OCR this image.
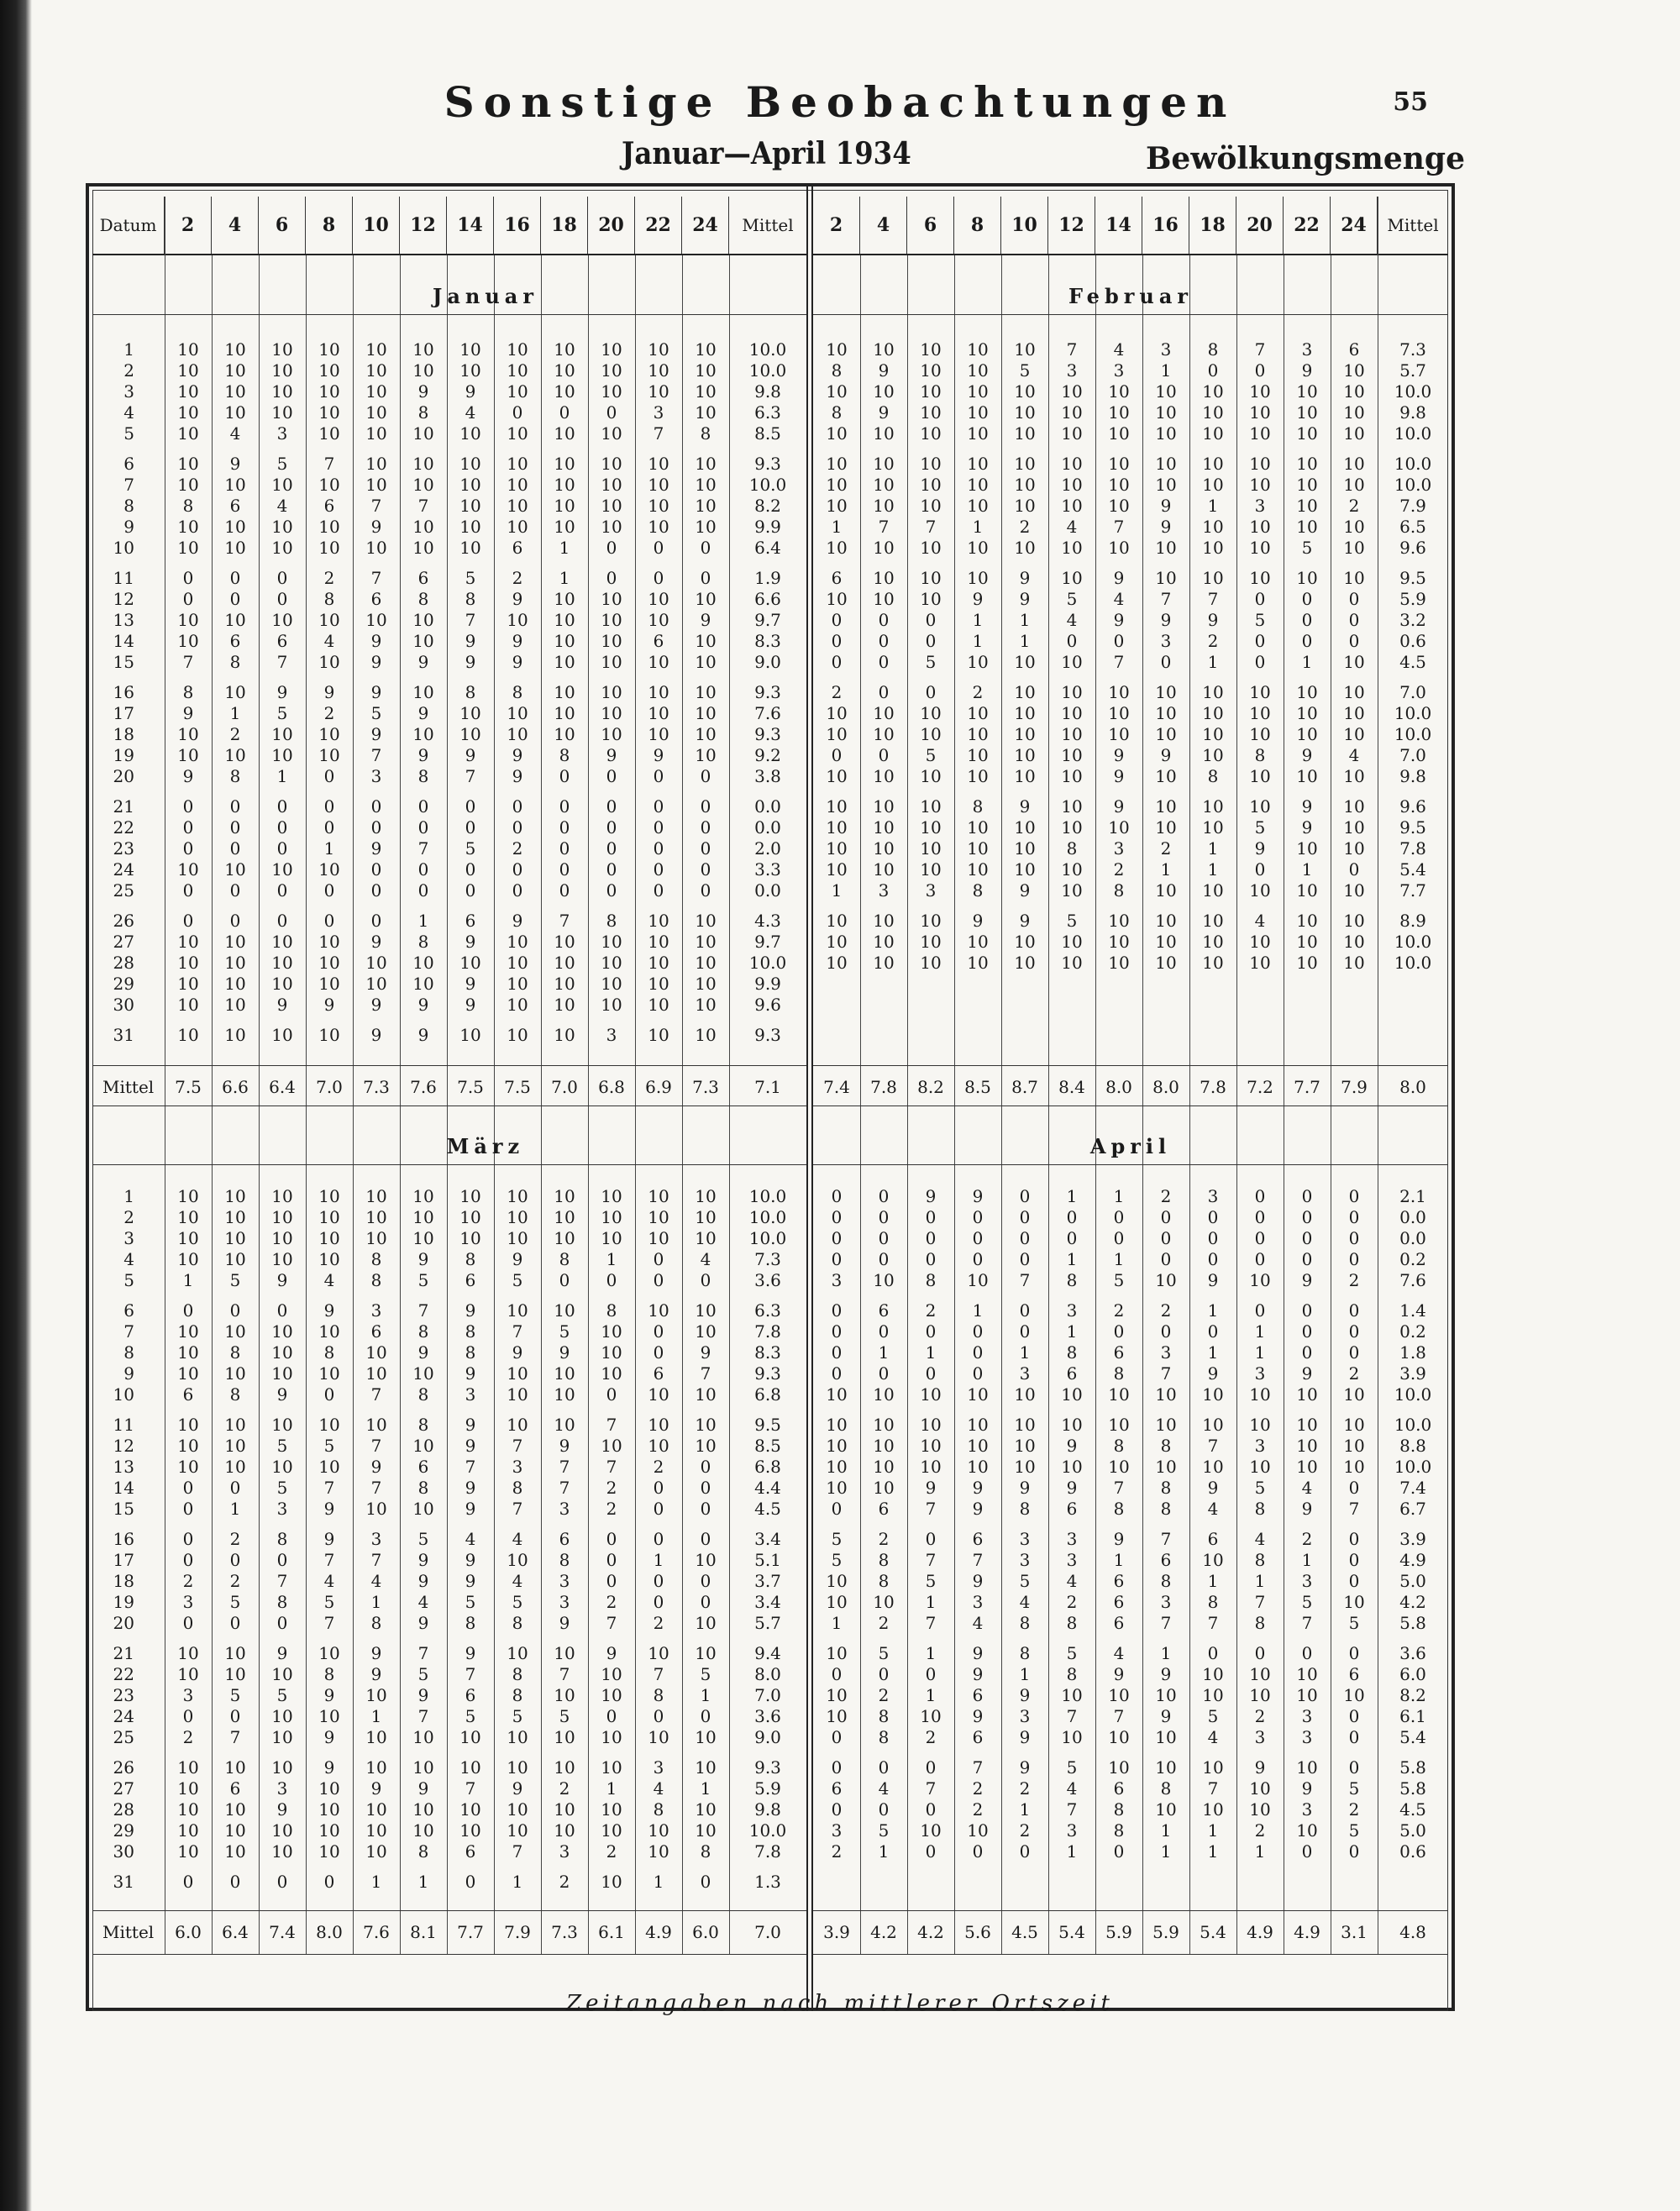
Sonstige Beobachtungen	55
Januar—April 1934	Bewölkungsmenge
Datum	2	4	6	8	10	12	14	16	18	20	22	24	Mittel	2	4	6	8	10	12	14	16	18	20	22	24	Mittel
Januar
1	10	10	10	10	10	10	10	10	10	10	10	10	10.0
2	10	10	10	10	10	10	10	10	10	10	10	10	10.0
3	10	10	10	10	10	9	9	10	10	10	10	10	9.8
4	10	10	10	10	10	8	4	0	0	0	3	10	6.3
5	10	4	3	10	10	10	10	10	10	10	7	8	8.5
6	10	9	5	7	10	10	10	10	10	10	10	10	9.3
7	10	10	10	10	10	10	10	10	10	10	10	10	10.0
8	8	6	4	6	7	7	10	10	10	10	10	10	8.2
9	10	10	10	10	9	10	10	10	10	10	10	10	9.9
10	10	10	10	10	10	10	10	6	1	0	0	0	6.4
11	0	0	0	2	7	6	5	2	1	0	0	0	1.9
12	0	0	0	8	6	8	8	9	10	10	10	10	6.6
13	10	10	10	10	10	10	7	10	10	10	10	9	9.7
14	10	6	6	4	9	10	9	9	10	10	6	10	8.3
15	7	8	7	10	9	9	9	9	10	10	10	10	9.0
16	8	10	9	9	9	10	8	8	10	10	10	10	9.3
17	9	1	5	2	5	9	10	10	10	10	10	10	7.6
18	10	2	10	10	9	10	10	10	10	10	10	10	9.3
19	10	10	10	10	7	9	9	9	8	9	9	10	9.2
20	9	8	1	0	3	8	7	9	0	0	0	0	3.8
21	0	0	0	0	0	0	0	0	0	0	0	0	0.0
22	0	0	0	0	0	0	0	0	0	0	0	0	0.0
23	0	0	0	1	9	7	5	2	0	0	0	0	2.0
24	10	10	10	10	0	0	0	0	0	0	0	0	3.3
25	0	0	0	0	0	0	0	0	0	0	0	0	0.0
26	0	0	0	0	0	1	6	9	7	8	10	10	4.3
27	10	10	10	10	9	8	9	10	10	10	10	10	9.7
28	10	10	10	10	10	10	10	10	10	10	10	10	10.0
29	10	10	10	10	10	10	9	10	10	10	10	10	9.9
30	10	10	9	9	9	9	9	10	10	10	10	10	9.6
31	10	10	10	10	9	9	10	10	10	3	10	10	9.3
Mittel	7.5	6.6	6.4	7.0	7.3	7.6	7.5	7.5	7.0	6.8	6.9	7.3	7.1
Februar
10	10	10	10	10	7	4	3	8	7	3	6	7.3
8	9	10	10	5	3	3	1	0	0	9	10	5.7
10	10	10	10	10	10	10	10	10	10	10	10	10.0
8	9	10	10	10	10	10	10	10	10	10	10	9.8
10	10	10	10	10	10	10	10	10	10	10	10	10.0
10	10	10	10	10	10	10	10	10	10	10	10	10.0
10	10	10	10	10	10	10	10	10	10	10	10	10.0
10	10	10	10	10	10	10	9	1	3	10	2	7.9
1	7	7	1	2	4	7	9	10	10	10	10	6.5
10	10	10	10	10	10	10	10	10	10	5	10	9.6
6	10	10	10	9	10	9	10	10	10	10	10	9.5
10	10	10	9	9	5	4	7	7	0	0	0	5.9
0	0	0	1	1	4	9	9	9	5	0	0	3.2
0	0	0	1	1	0	0	3	2	0	0	0	0.6
0	0	5	10	10	10	7	0	1	0	1	10	4.5
2	0	0	2	10	10	10	10	10	10	10	10	7.0
10	10	10	10	10	10	10	10	10	10	10	10	10.0
10	10	10	10	10	10	10	10	10	10	10	10	10.0
0	0	5	10	10	10	9	9	10	8	9	4	7.0
10	10	10	10	10	10	9	10	8	10	10	10	9.8
10	10	10	8	9	10	9	10	10	10	9	10	9.6
10	10	10	10	10	10	10	10	10	5	9	10	9.5
10	10	10	10	10	8	3	2	1	9	10	10	7.8
10	10	10	10	10	10	2	1	1	0	1	0	5.4
1	3	3	8	9	10	8	10	10	10	10	10	7.7
10	10	10	9	9	5	10	10	10	4	10	10	8.9
10	10	10	10	10	10	10	10	10	10	10	10	10.0
10	10	10	10	10	10	10	10	10	10	10	10	10.0
7.4	7.8	8.2	8.5	8.7	8.4	8.0	8.0	7.8	7.2	7.7	7.9	8.0
März
1	10	10	10	10	10	10	10	10	10	10	10	10	10.0
2	10	10	10	10	10	10	10	10	10	10	10	10	10.0
3	10	10	10	10	10	10	10	10	10	10	10	10	10.0
4	10	10	10	10	8	9	8	9	8	1	0	4	7.3
5	1	5	9	4	8	5	6	5	0	0	0	0	3.6
6	0	0	0	9	3	7	9	10	10	8	10	10	6.3
7	10	10	10	10	6	8	8	7	5	10	0	10	7.8
8	10	8	10	8	10	9	8	9	9	10	0	9	8.3
9	10	10	10	10	10	10	9	10	10	10	6	7	9.3
10	6	8	9	0	7	8	3	10	10	0	10	10	6.8
11	10	10	10	10	10	8	9	10	10	7	10	10	9.5
12	10	10	5	5	7	10	9	7	9	10	10	10	8.5
13	10	10	10	10	9	6	7	3	7	7	2	0	6.8
14	0	0	5	7	7	8	9	8	7	2	0	0	4.4
15	0	1	3	9	10	10	9	7	3	2	0	0	4.5
16	0	2	8	9	3	5	4	4	6	0	0	0	3.4
17	0	0	0	7	7	9	9	10	8	0	1	10	5.1
18	2	2	7	4	4	9	9	4	3	0	0	0	3.7
19	3	5	8	5	1	4	5	5	3	2	0	0	3.4
20	0	0	0	7	8	9	8	8	9	7	2	10	5.7
21	10	10	9	10	9	7	9	10	10	9	10	10	9.4
22	10	10	10	8	9	5	7	8	7	10	7	5	8.0
23	3	5	5	9	10	9	6	8	10	10	8	1	7.0
24	0	0	10	10	1	7	5	5	5	0	0	0	3.6
25	2	7	10	9	10	10	10	10	10	10	10	10	9.0
26	10	10	10	9	10	10	10	10	10	10	3	10	9.3
27	10	6	3	10	9	9	7	9	2	1	4	1	5.9
28	10	10	9	10	10	10	10	10	10	10	8	10	9.8
29	10	10	10	10	10	10	10	10	10	10	10	10	10.0
30	10	10	10	10	10	8	6	7	3	2	10	8	7.8
31	0	0	0	0	1	1	0	1	2	10	1	0	1.3
Mittel	6.0	6.4	7.4	8.0	7.6	8.1	7.7	7.9	7.3	6.1	4.9	6.0	7.0
April
0	0	9	9	0	1	1	2	3	0	0	0	2.1
0	0	0	0	0	0	0	0	0	0	0	0	0.0
0	0	0	0	0	0	0	0	0	0	0	0	0.0
0	0	0	0	0	1	1	0	0	0	0	0	0.2
3	10	8	10	7	8	5	10	9	10	9	2	7.6
0	6	2	1	0	3	2	2	1	0	0	0	1.4
0	0	0	0	0	1	0	0	0	1	0	0	0.2
0	1	1	0	1	8	6	3	1	1	0	0	1.8
0	0	0	0	3	6	8	7	9	3	9	2	3.9
10	10	10	10	10	10	10	10	10	10	10	10	10.0
10	10	10	10	10	10	10	10	10	10	10	10	10.0
10	10	10	10	10	9	8	8	7	3	10	10	8.8
10	10	10	10	10	10	10	10	10	10	10	10	10.0
10	10	9	9	9	9	7	8	9	5	4	0	7.4
0	6	7	9	8	6	8	8	4	8	9	7	6.7
5	2	0	6	3	3	9	7	6	4	2	0	3.9
5	8	7	7	3	3	1	6	10	8	1	0	4.9
10	8	5	9	5	4	6	8	1	1	3	0	5.0
10	10	1	3	4	2	6	3	8	7	5	10	4.2
1	2	7	4	8	8	6	7	7	8	7	5	5.8
10	5	1	9	8	5	4	1	0	0	0	0	3.6
0	0	0	9	1	8	9	9	10	10	10	6	6.0
10	2	1	6	9	10	10	10	10	10	10	10	8.2
10	8	10	9	3	7	7	9	5	2	3	0	6.1
0	8	2	6	9	10	10	10	4	3	3	0	5.4
0	0	0	7	9	5	10	10	10	9	10	0	5.8
6	4	7	2	2	4	6	8	7	10	9	5	5.8
0	0	0	2	1	7	8	10	10	10	3	2	4.5
3	5	10	10	2	3	8	1	1	2	10	5	5.0
2	1	0	0	0	1	0	1	1	1	0	0	0.6
3.9	4.2	4.2	5.6	4.5	5.4	5.9	5.9	5.4	4.9	4.9	3.1	4.8
Zeitangaben nach mittlerer Ortszeit
